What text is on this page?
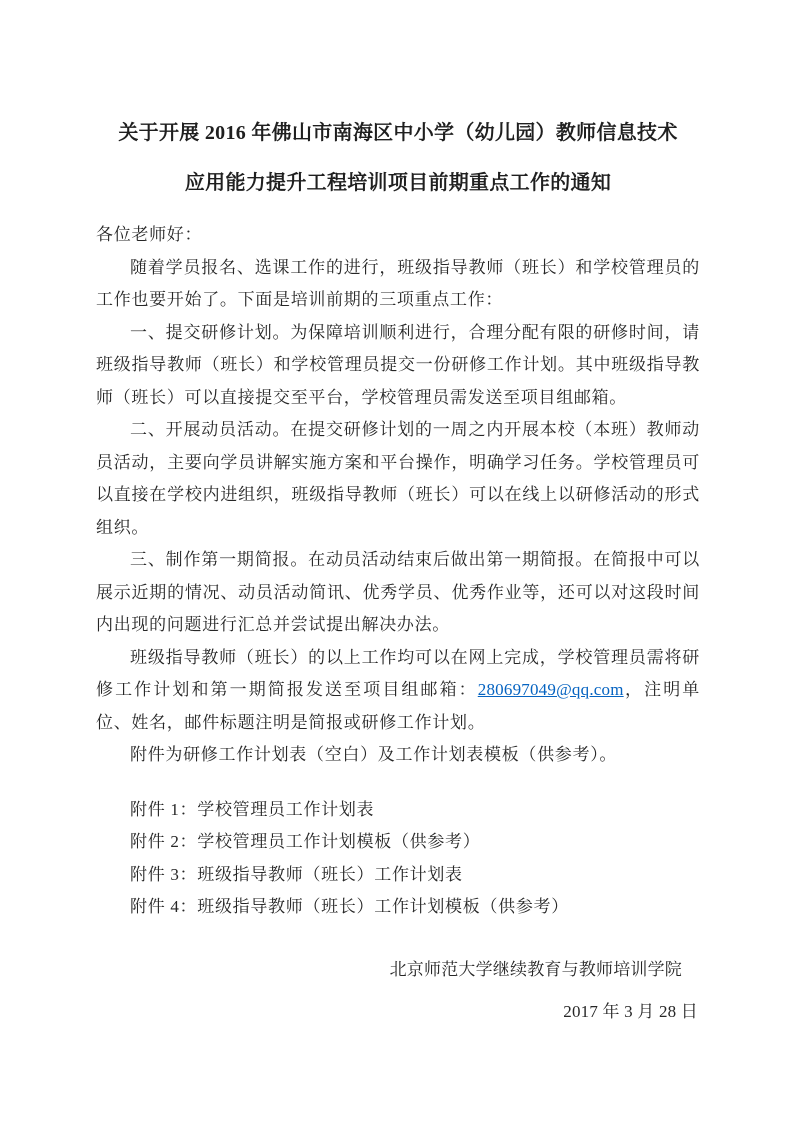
关于开展 2016 年佛山市南海区中小学（幼儿园）教师信息技术
应用能力提升工程培训项目前期重点工作的通知

各位老师好：

随着学员报名、选课工作的进行，班级指导教师（班长）和学校管理员的工作也要开始了。下面是培训前期的三项重点工作：

一、提交研修计划。为保障培训顺利进行，合理分配有限的研修时间，请班级指导教师（班长）和学校管理员提交一份研修工作计划。其中班级指导教师（班长）可以直接提交至平台，学校管理员需发送至项目组邮箱。

二、开展动员活动。在提交研修计划的一周之内开展本校（本班）教师动员活动，主要向学员讲解实施方案和平台操作，明确学习任务。学校管理员可以直接在学校内进组织，班级指导教师（班长）可以在线上以研修活动的形式组织。

三、制作第一期简报。在动员活动结束后做出第一期简报。在简报中可以展示近期的情况、动员活动简讯、优秀学员、优秀作业等，还可以对这段时间内出现的问题进行汇总并尝试提出解决办法。

班级指导教师（班长）的以上工作均可以在网上完成，学校管理员需将研修工作计划和第一期简报发送至项目组邮箱：280697049@qq.com，注明单位、姓名，邮件标题注明是简报或研修工作计划。

附件为研修工作计划表（空白）及工作计划表模板（供参考）。

附件 1：学校管理员工作计划表

附件 2：学校管理员工作计划模板（供参考）

附件 3：班级指导教师（班长）工作计划表

附件 4：班级指导教师（班长）工作计划模板（供参考）

北京师范大学继续教育与教师培训学院

2017 年 3 月 28 日
